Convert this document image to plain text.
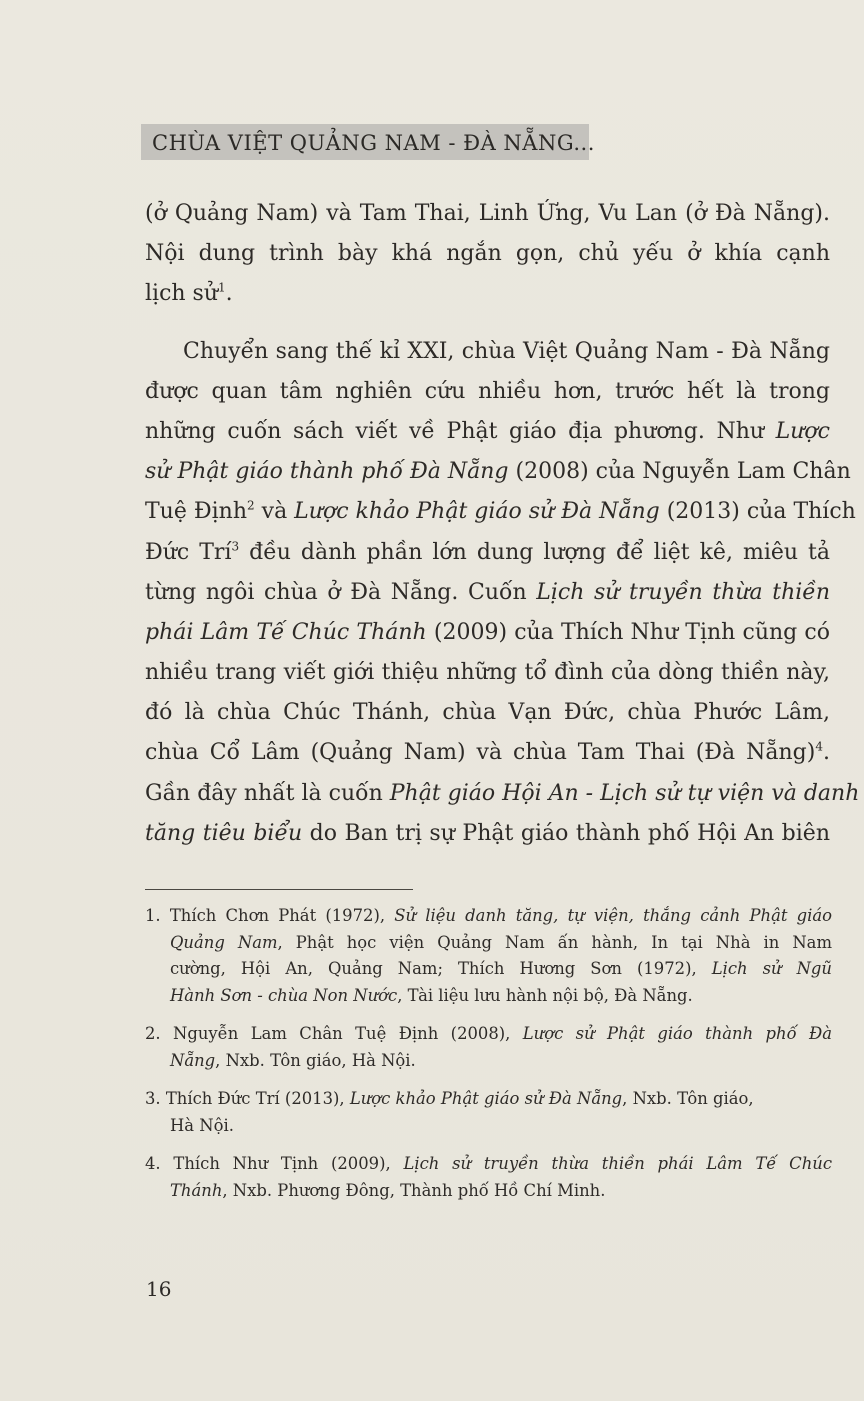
CHÙA VIỆT QUẢNG NAM - ĐÀ NẴNG...
(ở Quảng Nam) và Tam Thai, Linh Ứng, Vu Lan (ở Đà Nẵng).
Nội dung trình bày khá ngắn gọn, chủ yếu ở khía cạnh
lịch sử$^1$.
Chuyển sang thế kỉ XXI, chùa Việt Quảng Nam - Đà Nẵng
được quan tâm nghiên cứu nhiều hơn, trước hết là trong
những cuốn sách viết về Phật giáo địa phương. Như Lược
sử Phật giáo thành phố Đà Nẵng (2008) của Nguyễn Lam Chân
Tuệ Định$^2$ và Lược khảo Phật giáo sử Đà Nẵng (2013) của Thích
Đức Trí$^3$ đều dành phần lớn dung lượng để liệt kê, miêu tả
từng ngôi chùa ở Đà Nẵng. Cuốn Lịch sử truyền thừa thiền
phái Lâm Tế Chúc Thánh (2009) của Thích Như Tịnh cũng có
nhiều trang viết giới thiệu những tổ đình của dòng thiền này,
đó là chùa Chúc Thánh, chùa Vạn Đức, chùa Phước Lâm,
chùa Cổ Lâm (Quảng Nam) và chùa Tam Thai (Đà Nẵng)$^4$.
Gần đây nhất là cuốn Phật giáo Hội An - Lịch sử tự viện và danh
tăng tiêu biểu do Ban trị sự Phật giáo thành phố Hội An biên
1. Thích Chơn Phát (1972), Sử liệu danh tăng, tự viện, thắng cảnh Phật giáo
Quảng Nam, Phật học viện Quảng Nam ấn hành, In tại Nhà in Nam
cường, Hội An, Quảng Nam; Thích Hương Sơn (1972), Lịch sử Ngũ
Hành Sơn - chùa Non Nước, Tài liệu lưu hành nội bộ, Đà Nẵng.
2. Nguyễn Lam Chân Tuệ Định (2008), Lược sử Phật giáo thành phố Đà
Nẵng, Nxb. Tôn giáo, Hà Nội.
3. Thích Đức Trí (2013), Lược khảo Phật giáo sử Đà Nẵng, Nxb. Tôn giáo,
Hà Nội.
4. Thích Như Tịnh (2009), Lịch sử truyền thừa thiền phái Lâm Tế Chúc
Thánh, Nxb. Phương Đông, Thành phố Hồ Chí Minh.
16
